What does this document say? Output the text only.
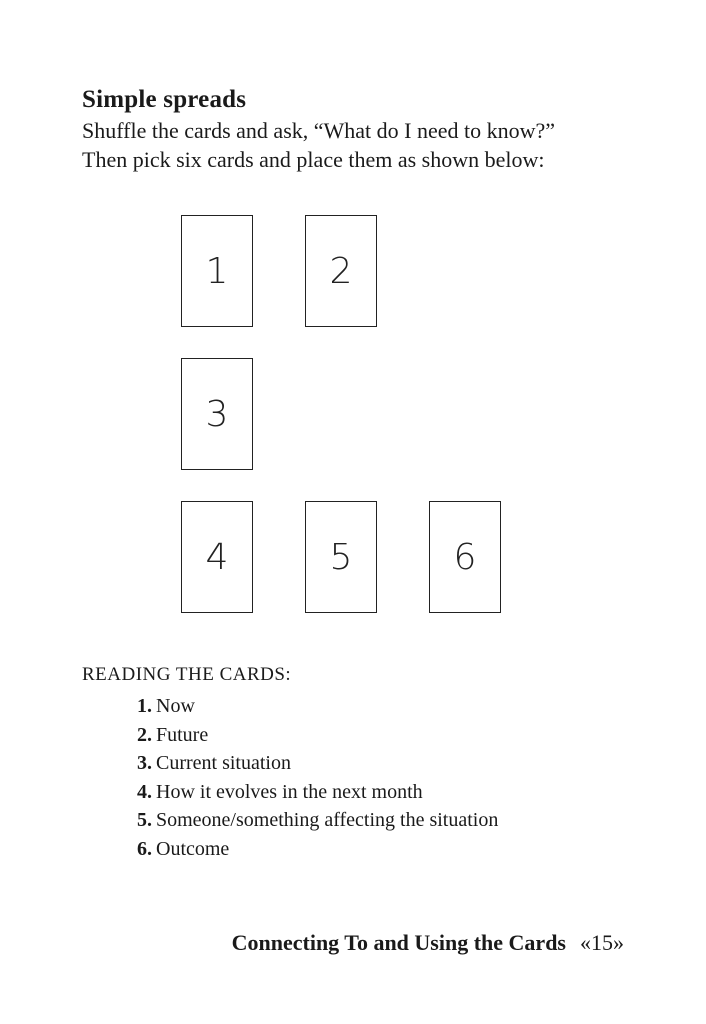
Simple spreads
Shuffle the cards and ask, “What do I need to know?”
Then pick six cards and place them as shown below:
1	2
3
4	5	6
READING THE CARDS:
1. Now
2. Future
3. Current situation
4. How it evolves in the next month
5. Someone/something affecting the situation
6. Outcome
Connecting To and Using the Cards «15»
